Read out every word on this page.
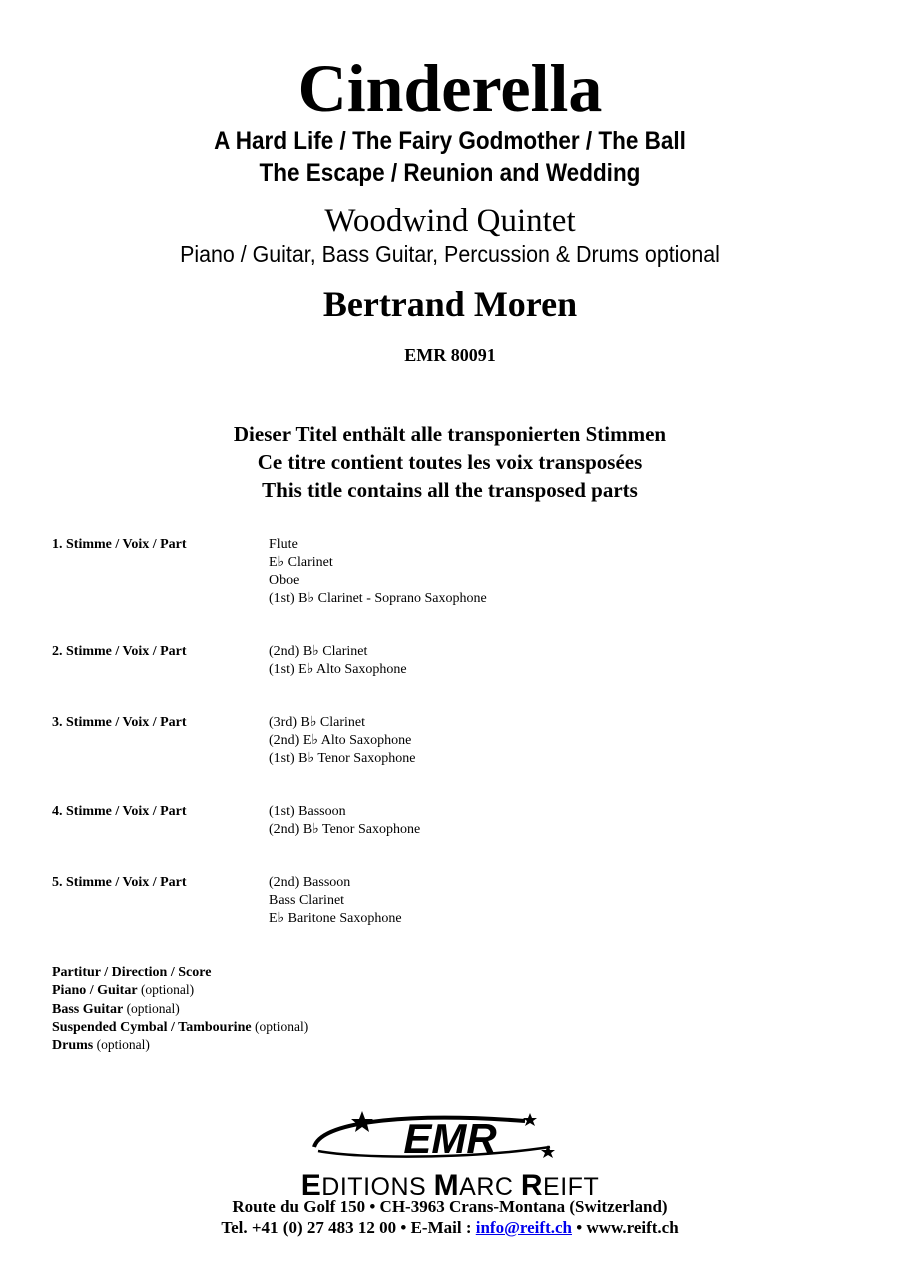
Cinderella
A Hard Life / The Fairy Godmother / The Ball
The Escape / Reunion and Wedding
Woodwind Quintet
Piano / Guitar, Bass Guitar, Percussion & Drums optional
Bertrand Moren
EMR 80091
Dieser Titel enthält alle transponierten Stimmen
Ce titre contient toutes les voix transposées
This title contains all the transposed parts
1. Stimme / Voix / Part	Flute
E♭ Clarinet
Oboe
(1st) B♭ Clarinet - Soprano Saxophone
2. Stimme / Voix / Part	(2nd) B♭ Clarinet
(1st) E♭ Alto Saxophone
3. Stimme / Voix / Part	(3rd) B♭ Clarinet
(2nd) E♭ Alto Saxophone
(1st) B♭ Tenor Saxophone
4. Stimme / Voix / Part	(1st) Bassoon
(2nd) B♭ Tenor Saxophone
5. Stimme / Voix / Part	(2nd) Bassoon
Bass Clarinet
E♭ Baritone Saxophone
Partitur / Direction / Score
Piano / Guitar (optional)
Bass Guitar (optional)
Suspended Cymbal / Tambourine (optional)
Drums (optional)
EMR
EDITIONS MARC REIFT
Route du Golf 150 • CH-3963 Crans-Montana (Switzerland)
Tel. +41 (0) 27 483 12 00 • E-Mail : info@reift.ch • www.reift.ch
